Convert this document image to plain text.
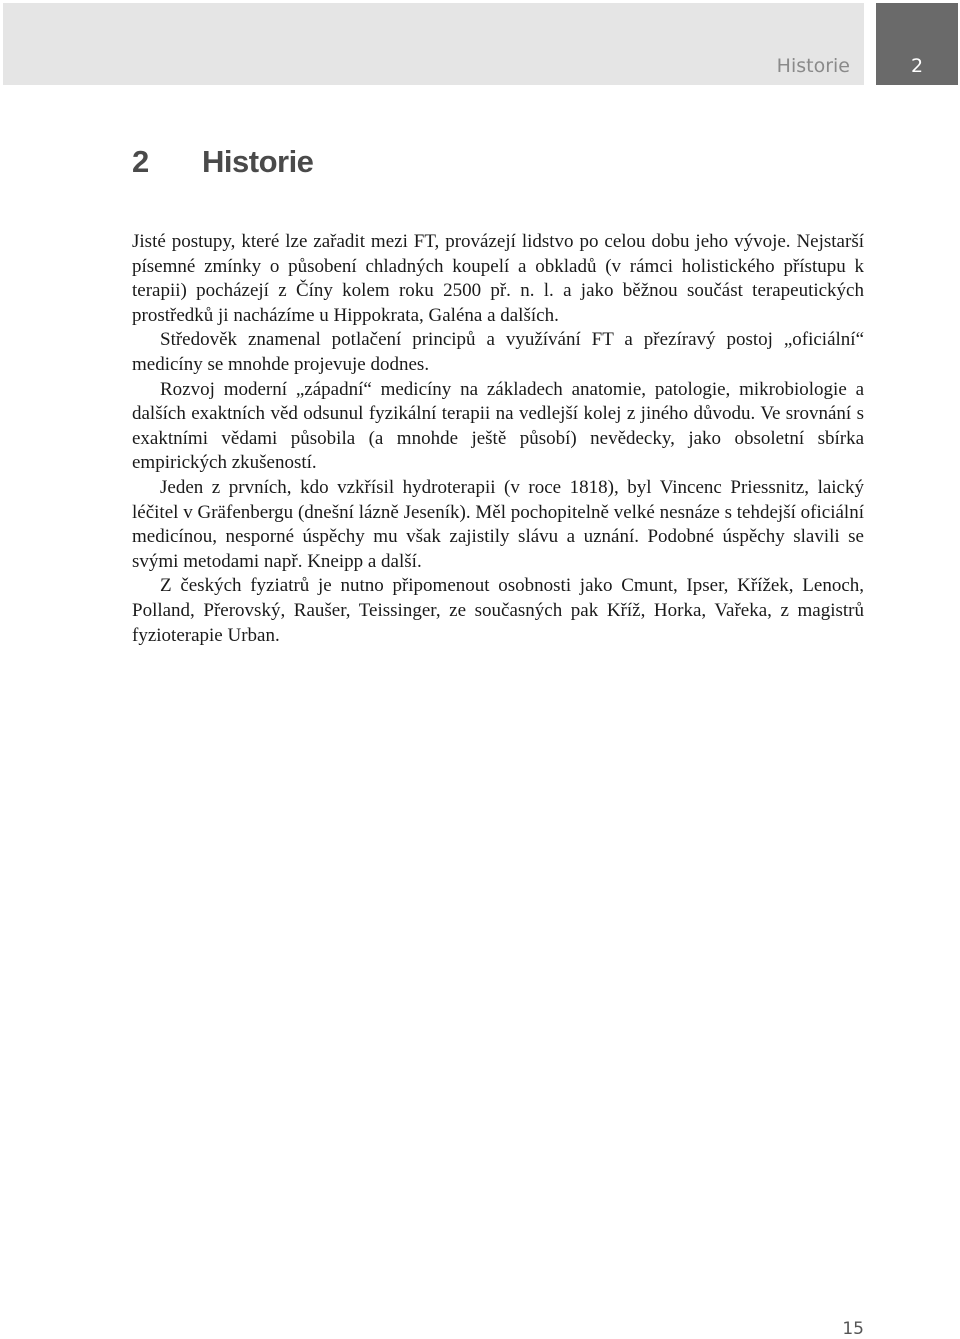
Historie	2
2 Historie

Jisté postupy, které lze zařadit mezi FT, provázejí lidstvo po celou dobu jeho vývoje. Nejstarší písemné zmínky o působení chladných koupelí a obkladů (v rámci holistického přístupu k terapii) pocházejí z Číny kolem roku 2500 př. n. l. a jako běžnou součást terapeutických prostředků ji nacházíme u Hippokrata, Galéna a dalších.

Středověk znamenal potlačení principů a využívání FT a přezíravý postoj „oficiální“ medicíny se mnohde projevuje dodnes.

Rozvoj moderní „západní“ medicíny na základech anatomie, patologie, mikrobiologie a dalších exaktních věd odsunul fyzikální terapii na vedlejší kolej z jiného důvodu. Ve srovnání s exaktními vědami působila (a mnohde ještě působí) nevědecky, jako obsoletní sbírka empirických zkušeností.

Jeden z prvních, kdo vzkřísil hydroterapii (v roce 1818), byl Vincenc Priessnitz, laický léčitel v Gräfenbergu (dnešní lázně Jeseník). Měl pochopitelně velké nesnáze s tehdejší oficiální medicínou, nesporné úspěchy mu však zajistily slávu a uznání. Podobné úspěchy slavili se svými metodami např. Kneipp a další.

Z českých fyziatrů je nutno připomenout osobnosti jako Cmunt, Ipser, Křížek, Lenoch, Polland, Přerovský, Raušer, Teissinger, ze současných pak Kříž, Horka, Vařeka, z magistrů fyzioterapie Urban.

15
